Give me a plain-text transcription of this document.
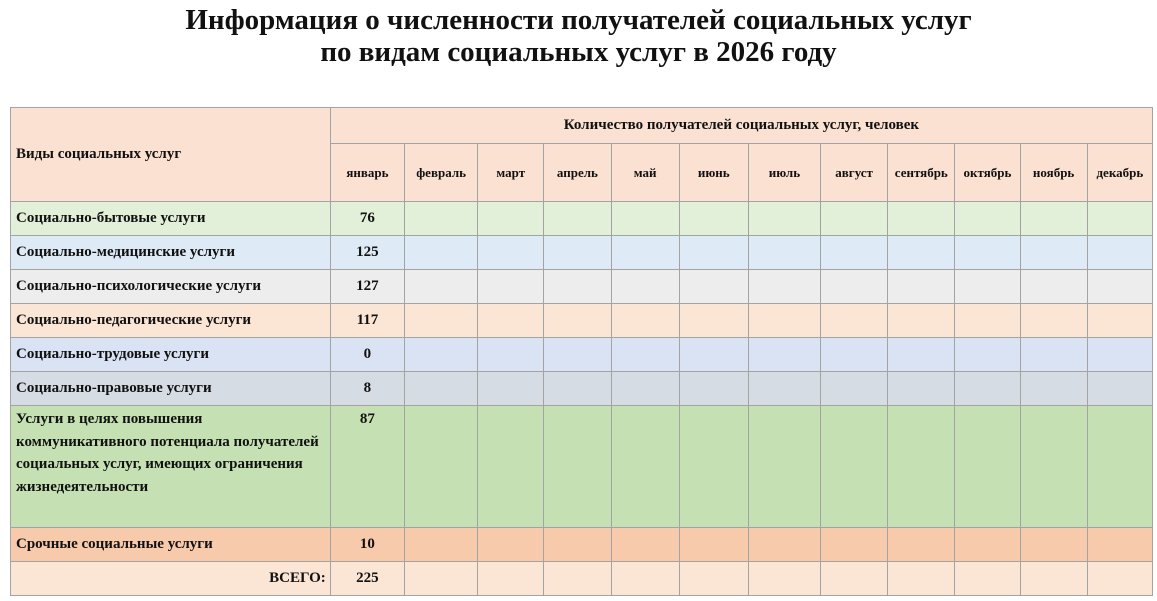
Информация о численности получателей социальных услуг
по видам социальных услуг в 2026 году
Виды социальных услуг	Количество получателей социальных услуг, человек											
	январь	февраль	март	апрель	май	июнь	июль	август	сентябрь	октябрь	ноябрь	декабрь
Социально-бытовые услуги	76											
Социально-медицинские услуги	125											
Социально-психологические услуги	127											
Социально-педагогические услуги	117											
Социально-трудовые услуги	0											
Социально-правовые услуги	8											
Услуги в целях повышения коммуникативного потенциала получателей социальных услуг, имеющих ограничения жизнедеятельности	87											
Срочные социальные услуги	10											
ВСЕГО:	225											
